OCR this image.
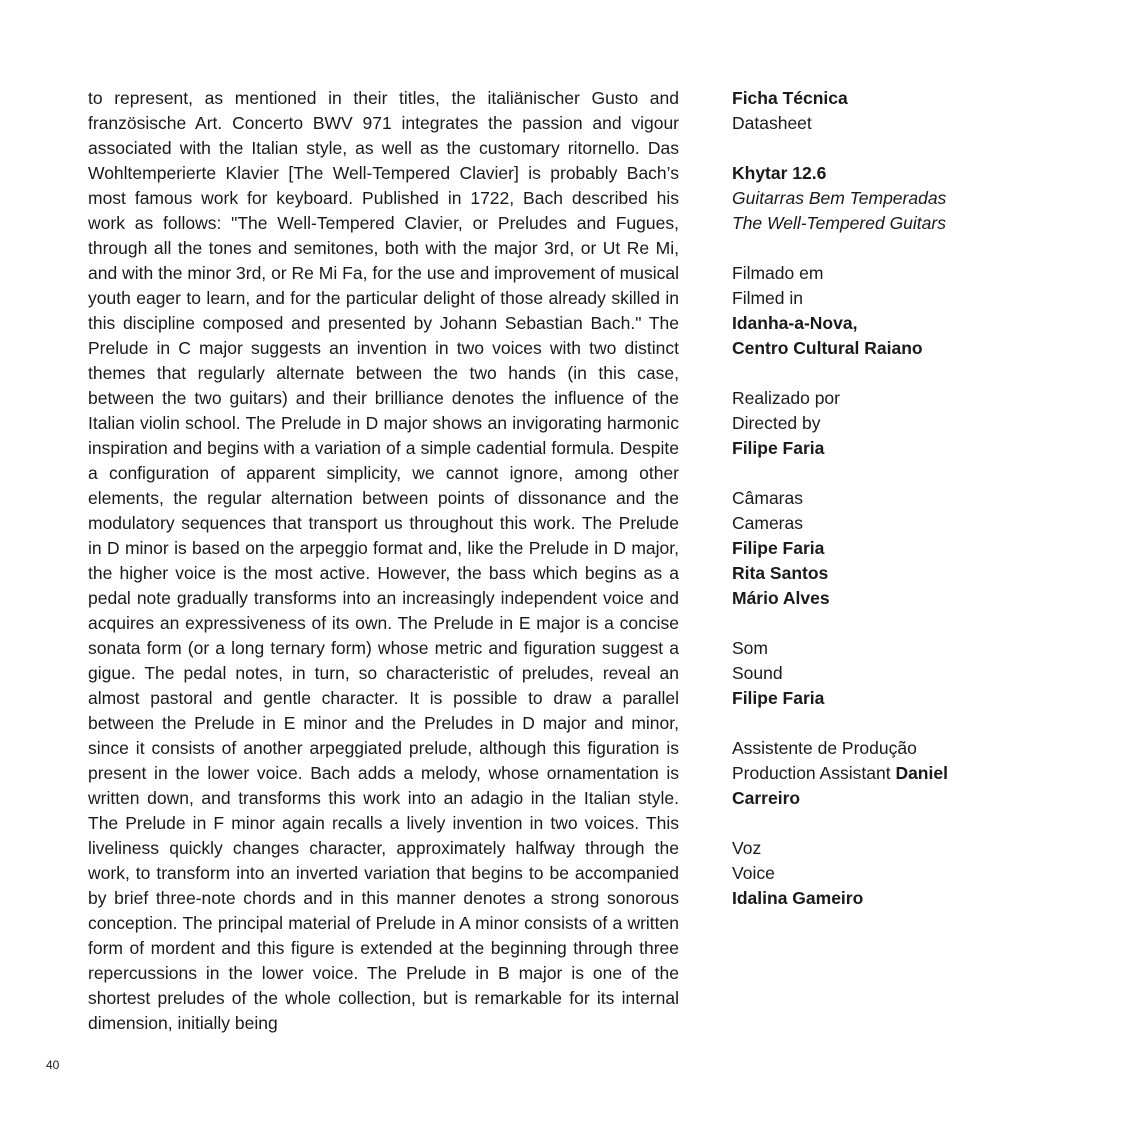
to represent, as mentioned in their titles, the italiänischer Gusto and französische Art. Concerto BWV 971 integrates the passion and vigour associated with the Italian style, as well as the customary ritornello. Das Wohltemperierte Klavier [The Well-Tempered Clavier] is probably Bach’s most famous work for keyboard. Published in 1722, Bach described his work as follows: "The Well-Tempered Clavier, or Preludes and Fugues, through all the tones and semitones, both with the major 3rd, or Ut Re Mi, and with the minor 3rd, or Re Mi Fa, for the use and improvement of musical youth eager to learn, and for the particular delight of those already skilled in this discipline composed and presented by Johann Sebastian Bach." The Prelude in C major suggests an invention in two voices with two distinct themes that regularly alternate between the two hands (in this case, between the two guitars) and their brilliance denotes the influence of the Italian violin school. The Prelude in D major shows an invigorating harmonic inspiration and begins with a variation of a simple cadential formula. Despite a configuration of apparent simplicity, we cannot ignore, among other elements, the regular alternation between points of dissonance and the modulatory sequences that transport us throughout this work. The Prelude in D minor is based on the arpeggio format and, like the Prelude in D major, the higher voice is the most active. However, the bass which begins as a pedal note gradually transforms into an increasingly independent voice and acquires an expressiveness of its own. The Prelude in E major is a concise sonata form (or a long ternary form) whose metric and figuration suggest a gigue. The pedal notes, in turn, so characteristic of preludes, reveal an almost pastoral and gentle character. It is possible to draw a parallel between the Prelude in E minor and the Preludes in D major and minor, since it consists of another arpeggiated prelude, although this figuration is present in the lower voice. Bach adds a melody, whose ornamentation is written down, and transforms this work into an adagio in the Italian style. The Prelude in F minor again recalls a lively invention in two voices. This liveliness quickly changes character, approximately halfway through the work, to transform into an inverted variation that begins to be accompanied by brief three-note chords and in this manner denotes a strong sonorous conception. The principal material of Prelude in A minor consists of a written form of mordent and this figure is extended at the beginning through three repercussions in the lower voice. The Prelude in B major is one of the shortest preludes of the whole collection, but is remarkable for its internal dimension, initially being

Ficha Técnica
Datasheet
Khytar 12.6
Guitarras Bem Temperadas
The Well-Tempered Guitars
Filmado em
Filmed in
Idanha-a-Nova,
Centro Cultural Raiano
Realizado por
Directed by
Filipe Faria
Câmaras
Cameras
Filipe Faria
Rita Santos
Mário Alves
Som
Sound
Filipe Faria
Assistente de Produção
Production Assistant Daniel
Carreiro
Voz
Voice
Idalina Gameiro
40
